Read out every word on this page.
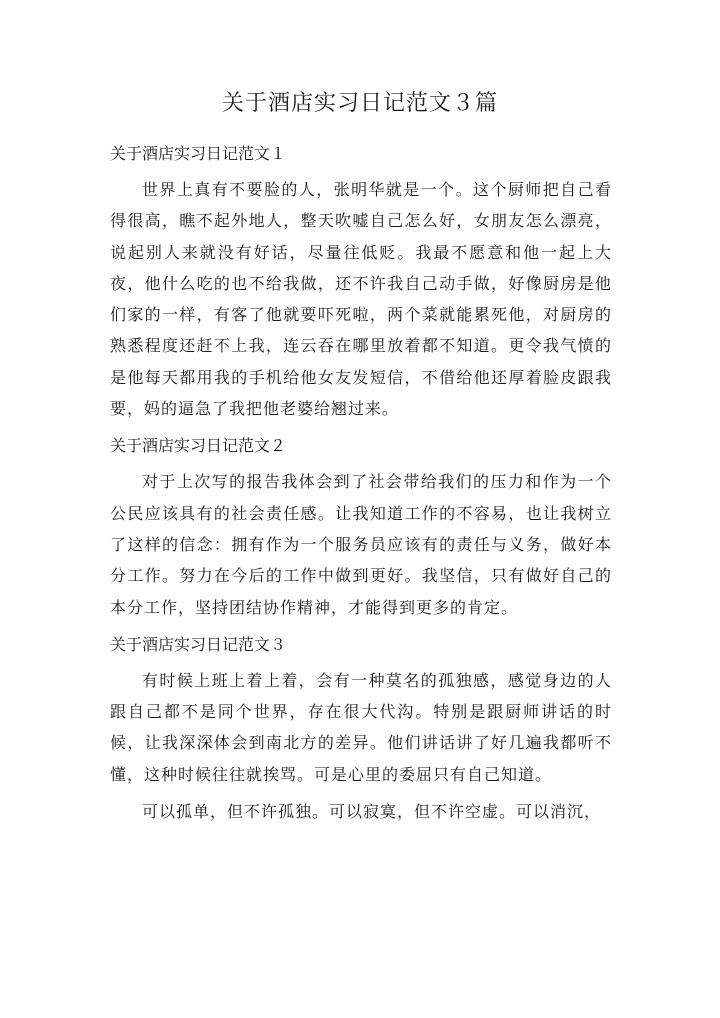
关于酒店实习日记范文３篇
关于酒店实习日记范文１

世界上真有不要脸的人，张明华就是一个。这个厨师把自己看得很高，瞧不起外地人，整天吹嘘自己怎么好，女朋友怎么漂亮，说起别人来就没有好话，尽量往低贬。我最不愿意和他一起上大夜，他什么吃的也不给我做，还不许我自己动手做，好像厨房是他们家的一样，有客了他就要吓死啦，两个菜就能累死他，对厨房的熟悉程度还赶不上我，连云吞在哪里放着都不知道。更令我气愤的是他每天都用我的手机给他女友发短信，不借给他还厚着脸皮跟我要，妈的逼急了我把他老婆给翘过来。

关于酒店实习日记范文２

对于上次写的报告我体会到了社会带给我们的压力和作为一个公民应该具有的社会责任感。让我知道工作的不容易，也让我树立了这样的信念：拥有作为一个服务员应该有的责任与义务，做好本分工作。努力在今后的工作中做到更好。我坚信，只有做好自己的本分工作，坚持团结协作精神，才能得到更多的肯定。

关于酒店实习日记范文３

有时候上班上着上着，会有一种莫名的孤独感，感觉身边的人跟自己都不是同个世界，存在很大代沟。特别是跟厨师讲话的时候，让我深深体会到南北方的差异。他们讲话讲了好几遍我都听不懂，这种时候往往就挨骂。可是心里的委屈只有自己知道。

可以孤单，但不许孤独。可以寂寞，但不许空虚。可以消沉，
